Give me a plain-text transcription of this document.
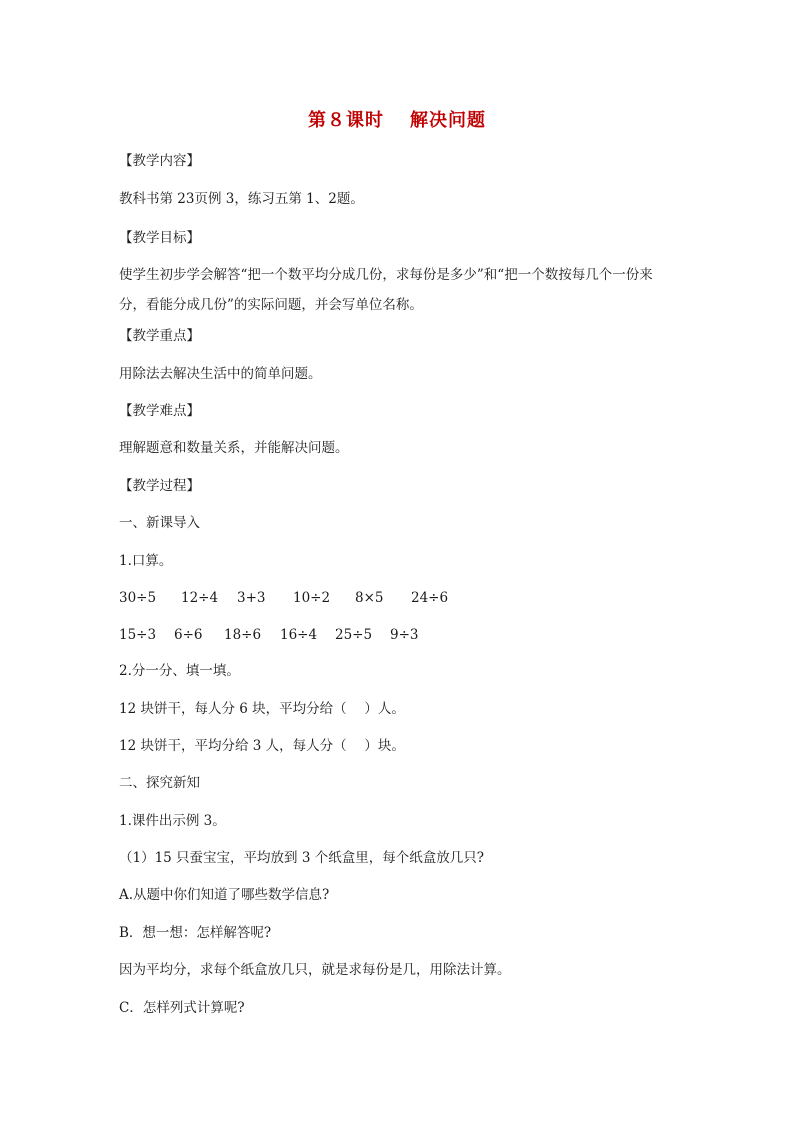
第８课时 解决问题
【教学内容】
教科书第 23页例 3，练习五第 1、2题。
【教学目标】
使学生初步学会解答“把一个数平均分成几份，求每份是多少”和“把一个数按每几个一份来分，看能分成几份”的实际问题，并会写单位名称。
【教学重点】
用除法去解决生活中的简单问题。
【教学难点】
理解题意和数量关系，并能解决问题。
【教学过程】
一、新课导入
1.口算。
30÷5 12÷4 3+3 10÷2 8×5 24÷6
15÷3 6÷6 18÷6 16÷4 25÷5 9÷3
2.分一分、填一填。
12 块饼干，每人分 6 块，平均分给（　 ）人。
12 块饼干，平均分给 3 人，每人分（　 ）块。
二、探究新知
1.课件出示例 3。
（1）15 只蚕宝宝，平均放到 3 个纸盒里，每个纸盒放几只?
A.从题中你们知道了哪些数学信息?
B．想一想：怎样解答呢?
因为平均分，求每个纸盒放几只，就是求每份是几，用除法计算。
C．怎样列式计算呢?
